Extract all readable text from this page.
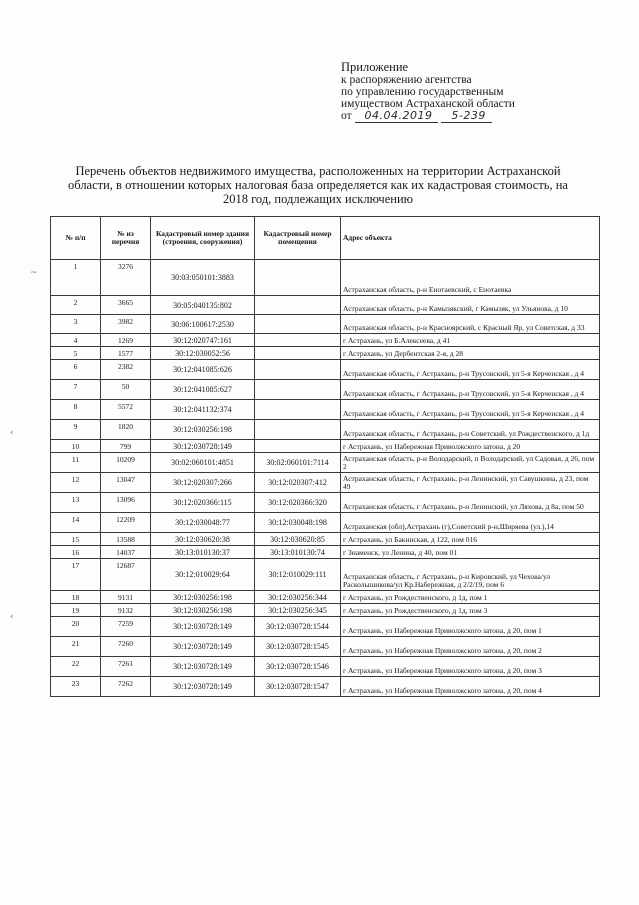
Приложение
к распоряжению агентства
по управлению государственным
имуществом Астраханской области
от 04.04.2019 5-239
Перечень объектов недвижимого имущества, расположенных на территории Астраханской
области, в отношении которых налоговая база определяется как их кадастровая стоимость, на
2018 год, подлежащих исключению
№ п/п	№ из перечня	Кадастровый номер здания (строения, сооружения)	Кадастровый номер помещения	Адрес объекта
1	3276	30:03:050101:3883		Астраханская область, р-н Енотаевский, с Енотаевка
2	3665	30:05:040135:802		Астраханская область, р-н Камызякский, г Камызяк, ул Ульянова, д 10
3	3982	30:06:100617:2530		Астраханская область, р-н Красноярский, с Красный Яр, ул Советская, д 33
4	1269	30:12:020747:161		г Астрахань, ул Б.Алексеева, д 41
5	1577	30:12:030052:56		г Астрахань, ул Дербентская 2-я, д 28
6	2382	30:12:041085:626		Астраханская область, г Астрахань, р-н Трусовский, ул 5-я Керченская , д 4
7	50	30:12:041085:627		Астраханская область, г Астрахань, р-н Трусовский, ул 5-я Керченская , д 4
8	5572	30:12:041132:374		Астраханская область, г Астрахань, р-н Трусовский, ул 5-я Керченская , д 4
9	1820	30:12:030256:198		Астраханская область, г Астрахань, р-н Советский, ул Рождественского, д 1д
10	799	30:12:030728:149		г Астрахань, ул Набережная Приволжского затона, д 20
11	10209	30:02:060101:4851	30:02:060101:7114	Астраханская область, р-н Володарский, п Володарский, ул Садовая, д 26, пом 2
12	13047	30:12:020307:266	30:12:020307:412	Астраханская область, г Астрахань, р-н Ленинский, ул Савушкина, д 23, пом 49
13	13096	30:12:020366:115	30:12:020366:320	Астраханская область, г Астрахань, р-н Ленинский, ул Ляхова, д 8а, пом 50
14	12209	30:12:030048:77	30:12:030048:198	Астраханская (обл),Астрахань (г),Советский р-н,Ширяева (ул.),14
15	13588	30:12:030620:38	30:12:030620:85	г Астрахань, ул Бакинская, д 122, пом 016
16	14037	30:13:010130:37	30:13:010130:74	г Знаменск, ул Ленина, д 40, пом 01
17	12687	30:12:010029:64	30:12:010029:111	Астраханская область, г Астрахань, р-н Кировский, ул Чехова/ул Расколышикова/ул Кр.Набережная, д 2/2/19, пом 6
18	9131	30:12:030256:198	30:12:030256:344	г Астрахань, ул Рождественского, д 1д, пом 1
19	9132	30:12:030256:198	30:12:030256:345	г Астрахань, ул Рождественского, д 1д, пом 3
20	7259	30:12:030728:149	30:12:030728:1544	г Астрахань, ул Набережная Приволжского затона, д 20, пом 1
21	7260	30:12:030728:149	30:12:030728:1545	г Астрахань, ул Набережная Приволжского затона, д 20, пом 2
22	7261	30:12:030728:149	30:12:030728:1546	г Астрахань, ул Набережная Приволжского затона, д 20, пом 3
23	7262	30:12:030728:149	30:12:030728:1547	г Астрахань, ул Набережная Приволжского затона, д 20, пом 4
~
‹
‹
